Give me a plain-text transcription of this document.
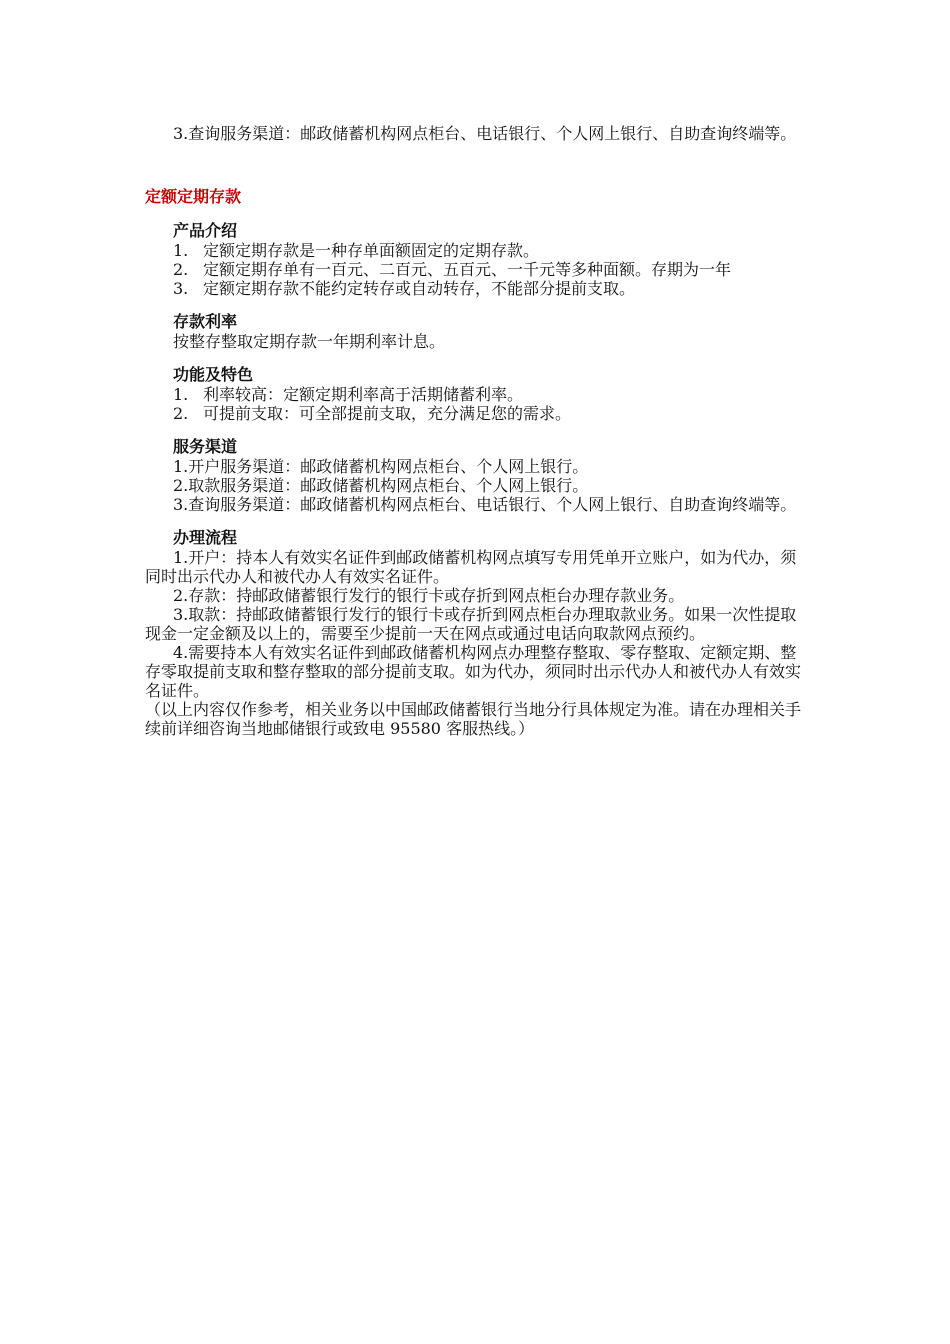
3.查询服务渠道：邮政储蓄机构网点柜台、电话银行、个人网上银行、自助查询终端等。

定额定期存款

产品介绍

1. 定额定期存款是一种存单面额固定的定期存款。

2. 定额定期存单有一百元、二百元、五百元、一千元等多种面额。存期为一年

3. 定额定期存款不能约定转存或自动转存，不能部分提前支取。

存款利率

按整存整取定期存款一年期利率计息。

功能及特色

1. 利率较高：定额定期利率高于活期储蓄利率。

2. 可提前支取：可全部提前支取，充分满足您的需求。

服务渠道

1.开户服务渠道：邮政储蓄机构网点柜台、个人网上银行。

2.取款服务渠道：邮政储蓄机构网点柜台、个人网上银行。

3.查询服务渠道：邮政储蓄机构网点柜台、电话银行、个人网上银行、自助查询终端等。

办理流程

1.开户：持本人有效实名证件到邮政储蓄机构网点填写专用凭单开立账户，如为代办，须同时出示代办人和被代办人有效实名证件。

2.存款：持邮政储蓄银行发行的银行卡或存折到网点柜台办理存款业务。

3.取款：持邮政储蓄银行发行的银行卡或存折到网点柜台办理取款业务。如果一次性提取现金一定金额及以上的，需要至少提前一天在网点或通过电话向取款网点预约。

4.需要持本人有效实名证件到邮政储蓄机构网点办理整存整取、零存整取、定额定期、整存零取提前支取和整存整取的部分提前支取。如为代办，须同时出示代办人和被代办人有效实名证件。

（以上内容仅作参考，相关业务以中国邮政储蓄银行当地分行具体规定为准。请在办理相关手续前详细咨询当地邮储银行或致电 95580 客服热线。）
